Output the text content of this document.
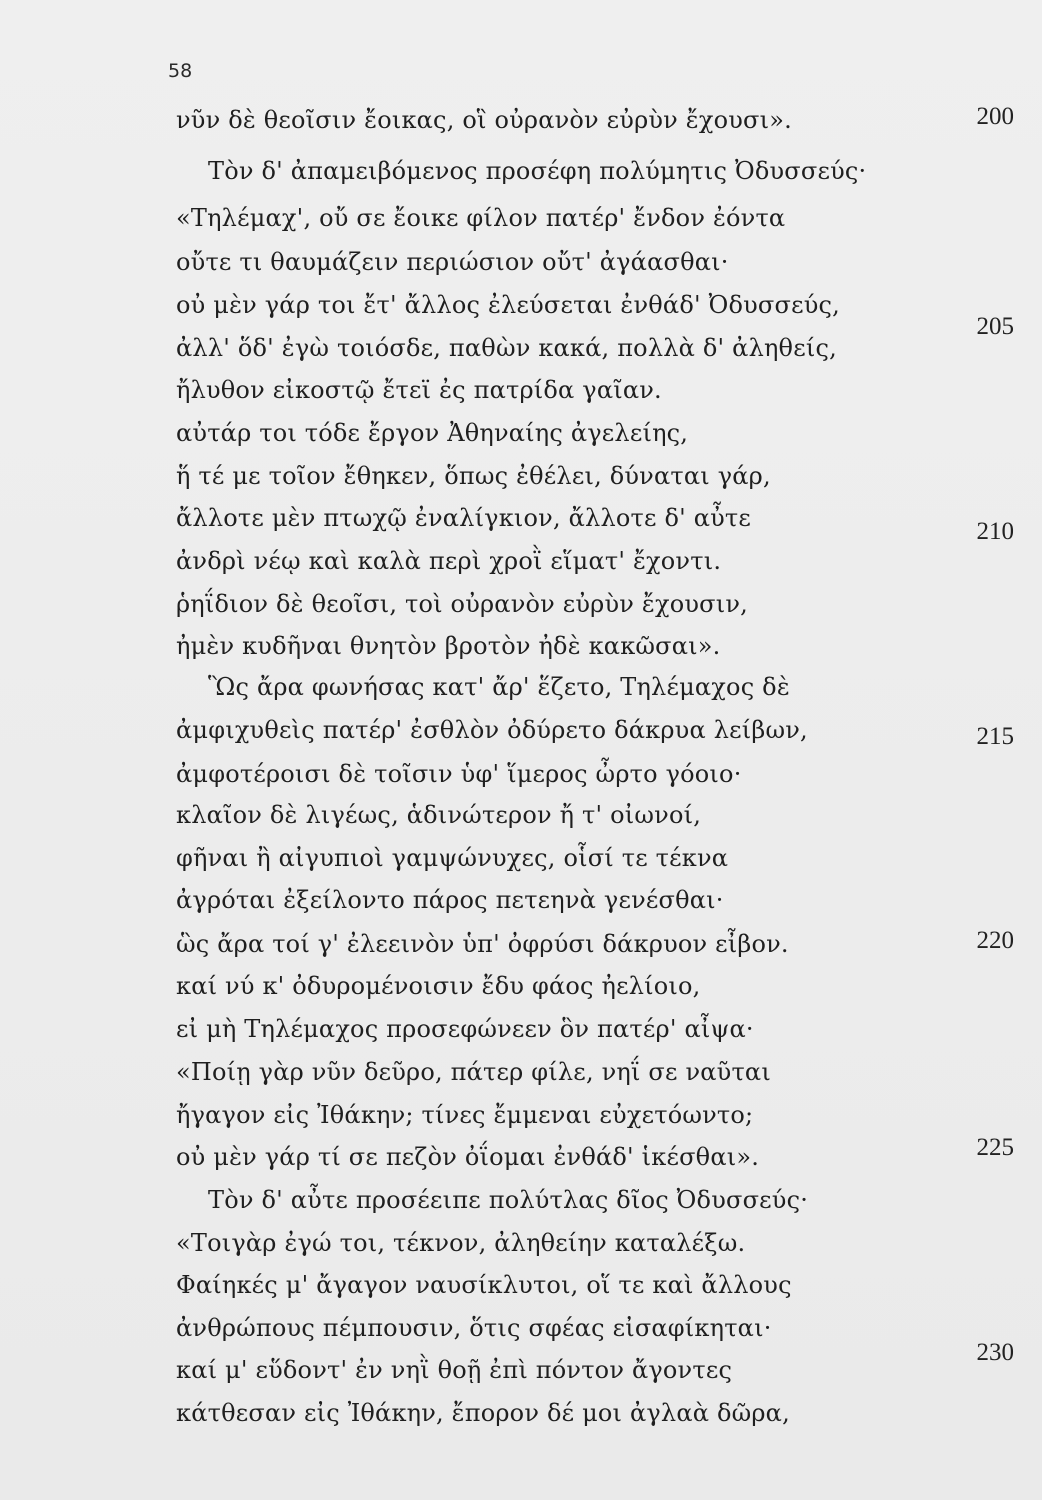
58
νῦν δὲ θεοῖσιν ἔοικας, οἳ οὐρανὸν εὐρὺν ἔχουσι».
Τὸν δ' ἀπαμειβόμενος προσέφη πολύμητις Ὀδυσσεύς·
«Τηλέμαχ', οὔ σε ἔοικε φίλον πατέρ' ἔνδον ἐόντα
οὔτε τι θαυμάζειν περιώσιον οὔτ' ἀγάασθαι·
οὐ μὲν γάρ τοι ἔτ' ἄλλος ἐλεύσεται ἐνθάδ' Ὀδυσσεύς,
ἀλλ' ὅδ' ἐγὼ τοιόσδε, παθὼν κακά, πολλὰ δ' ἀληθείς,
ἤλυθον εἰκοστῷ ἔτεϊ ἐς πατρίδα γαῖαν.
αὐτάρ τοι τόδε ἔργον Ἀθηναίης ἀγελείης,
ἥ τέ με τοῖον ἔθηκεν, ὅπως ἐθέλει, δύναται γάρ,
ἄλλοτε μὲν πτωχῷ ἐναλίγκιον, ἄλλοτε δ' αὖτε
ἀνδρὶ νέῳ καὶ καλὰ περὶ χροῒ εἵματ' ἔχοντι.
ῥηΐδιον δὲ θεοῖσι, τοὶ οὐρανὸν εὐρὺν ἔχουσιν,
ἠμὲν κυδῆναι θνητὸν βροτὸν ἠδὲ κακῶσαι».
Ὣς ἄρα φωνήσας κατ' ἄρ' ἕζετο, Τηλέμαχος δὲ
ἀμφιχυθεὶς πατέρ' ἐσθλὸν ὀδύρετο δάκρυα λείβων,
ἀμφοτέροισι δὲ τοῖσιν ὑφ' ἵμερος ὦρτο γόοιο·
κλαῖον δὲ λιγέως, ἁδινώτερον ἤ τ' οἰωνοί,
φῆναι ἢ αἰγυπιοὶ γαμψώνυχες, οἷσί τε τέκνα
ἀγρόται ἐξείλοντο πάρος πετεηνὰ γενέσθαι·
ὣς ἄρα τοί γ' ἐλεεινὸν ὑπ' ὀφρύσι δάκρυον εἶβον.
καί νύ κ' ὀδυρομένοισιν ἔδυ φάος ἠελίοιο,
εἰ μὴ Τηλέμαχος προσεφώνεεν ὃν πατέρ' αἶψα·
«Ποίῃ γὰρ νῦν δεῦρο, πάτερ φίλε, νηΐ σε ναῦται
ἤγαγον εἰς Ἰθάκην; τίνες ἔμμεναι εὐχετόωντο;
οὐ μὲν γάρ τί σε πεζὸν ὀΐομαι ἐνθάδ' ἱκέσθαι».
Τὸν δ' αὖτε προσέειπε πολύτλας δῖος Ὀδυσσεύς·
«Τοιγὰρ ἐγώ τοι, τέκνον, ἀληθείην καταλέξω.
Φαίηκές μ' ἄγαγον ναυσίκλυτοι, οἵ τε καὶ ἄλλους
ἀνθρώπους πέμπουσιν, ὅτις σφέας εἰσαφίκηται·
καί μ' εὕδοντ' ἐν νηῒ θοῇ ἐπὶ πόντον ἄγοντες
κάτθεσαν εἰς Ἰθάκην, ἔπορον δέ μοι ἀγλαὰ δῶρα,
200
205
210
215
220
225
230
